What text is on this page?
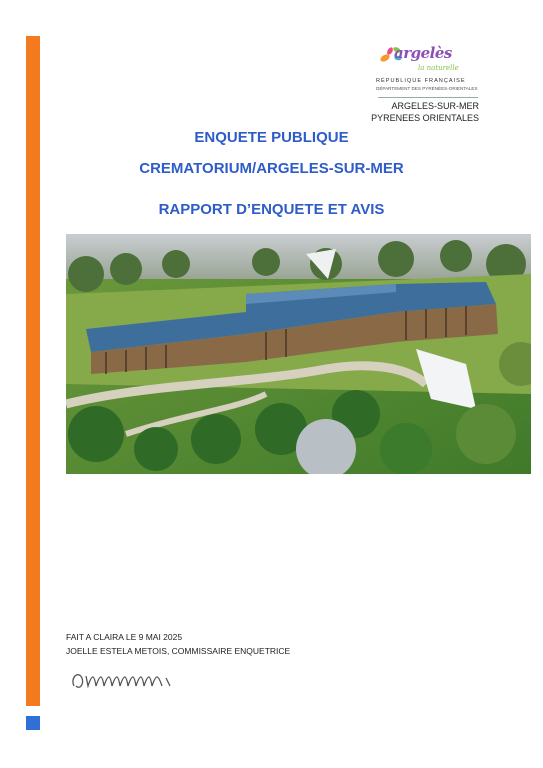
argelès
la naturelle
RÉPUBLIQUE FRANÇAISE
DÉPARTEMENT DES PYRÉNÉES-ORIENTALES
ARGELES-SUR-MER
PYRENEES ORIENTALES
ENQUETE PUBLIQUE
CREMATORIUM/ARGELES-SUR-MER
RAPPORT D’ENQUETE ET AVIS
FAIT A CLAIRA LE 9 MAI 2025
JOELLE ESTELA METOIS, COMMISSAIRE ENQUETRICE
